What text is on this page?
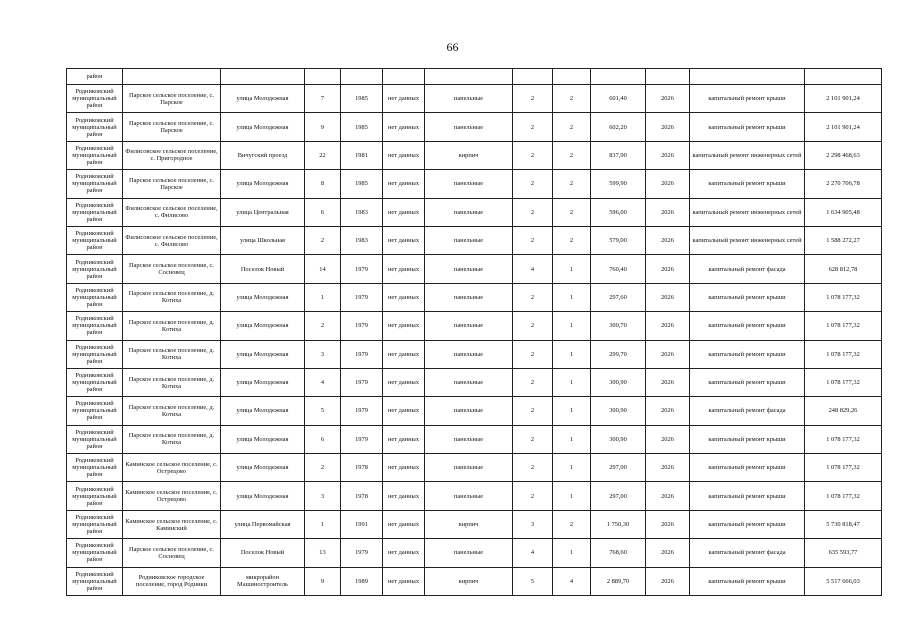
66
район												
Родниковский муниципальный район	Парское сельское поселение, с. Парское	улица Молодежная	7	1985	нет данных	панельные	2	2	601,40	2026	капитальный ремонт крыши	2 101 901,24
Родниковский муниципальный район	Парское сельское поселение, с. Парское	улица Молодежная	9	1985	нет данных	панельные	2	2	602,20	2026	капитальный ремонт крыши	2 101 901,24
Родниковский муниципальный район	Филисовское сельское поселение, с. Пригородное	Вичугский проезд	22	1981	нет данных	кирпич	2	2	837,90	2026	капитальный ремонт инженерных сетей	2 298 468,63
Родниковский муниципальный район	Парское сельское поселение, с. Парское	улица Молодежная	8	1985	нет данных	панельные	2	2	599,90	2026	капитальный ремонт крыши	2 270 706,78
Родниковский муниципальный район	Филисовское сельское поселение, с. Филисово	улица Центральная	6	1983	нет данных	панельные	2	2	596,00	2026	капитальный ремонт инженерных сетей	1 634 905,48
Родниковский муниципальный район	Филисовское сельское поселение, с. Филисово	улица Школьная	2	1983	нет данных	панельные	2	2	579,00	2026	капитальный ремонт инженерных сетей	1 588 272,27
Родниковский муниципальный район	Парское сельское поселение, с. Сосновец	Поселок Новый	14	1979	нет данных	панельные	4	1	760,40	2026	капитальный ремонт фасада	628 812,78
Родниковский муниципальный район	Парское сельское поселение, д. Котиха	улица Молодежная	1	1979	нет данных	панельные	2	1	297,60	2026	капитальный ремонт крыши	1 078 177,32
Родниковский муниципальный район	Парское сельское поселение, д. Котиха	улица Молодежная	2	1979	нет данных	панельные	2	1	300,70	2026	капитальный ремонт крыши	1 078 177,32
Родниковский муниципальный район	Парское сельское поселение, д. Котиха	улица Молодежная	3	1979	нет данных	панельные	2	1	299,70	2026	капитальный ремонт крыши	1 078 177,32
Родниковский муниципальный район	Парское сельское поселение, д. Котиха	улица Молодежная	4	1979	нет данных	панельные	2	1	300,90	2026	капитальный ремонт крыши	1 078 177,32
Родниковский муниципальный район	Парское сельское поселение, д. Котиха	улица Молодежная	5	1979	нет данных	панельные	2	1	300,90	2026	капитальный ремонт фасада	248 829,26
Родниковский муниципальный район	Парское сельское поселение, д. Котиха	улица Молодежная	6	1979	нет данных	панельные	2	1	300,90	2026	капитальный ремонт крыши	1 078 177,32
Родниковский муниципальный район	Каминское сельское поселение, с. Острецово	улица Молодежная	2	1978	нет данных	панельные	2	1	297,00	2026	капитальный ремонт крыши	1 078 177,32
Родниковский муниципальный район	Каминское сельское поселение, с. Острецово	улица Молодежная	3	1978	нет данных	панельные	2	1	297,00	2026	капитальный ремонт крыши	1 078 177,32
Родниковский муниципальный район	Каминское сельское поселение, с. Каминский	улица Первомайская	1	1991	нет данных	кирпич	3	2	1 750,30	2026	капитальный ремонт крыши	5 730 818,47
Родниковский муниципальный район	Парское сельское поселение, с. Сосновец	Поселок Новый	13	1979	нет данных	панельные	4	1	768,60	2026	капитальный ремонт фасада	635 593,77
Родниковский муниципальный район	Родниковское городское поселение, город Родники	микрорайон Машиностроитель	9	1989	нет данных	кирпич	5	4	2 889,70	2026	капитальный ремонт крыши	5 517 666,03
